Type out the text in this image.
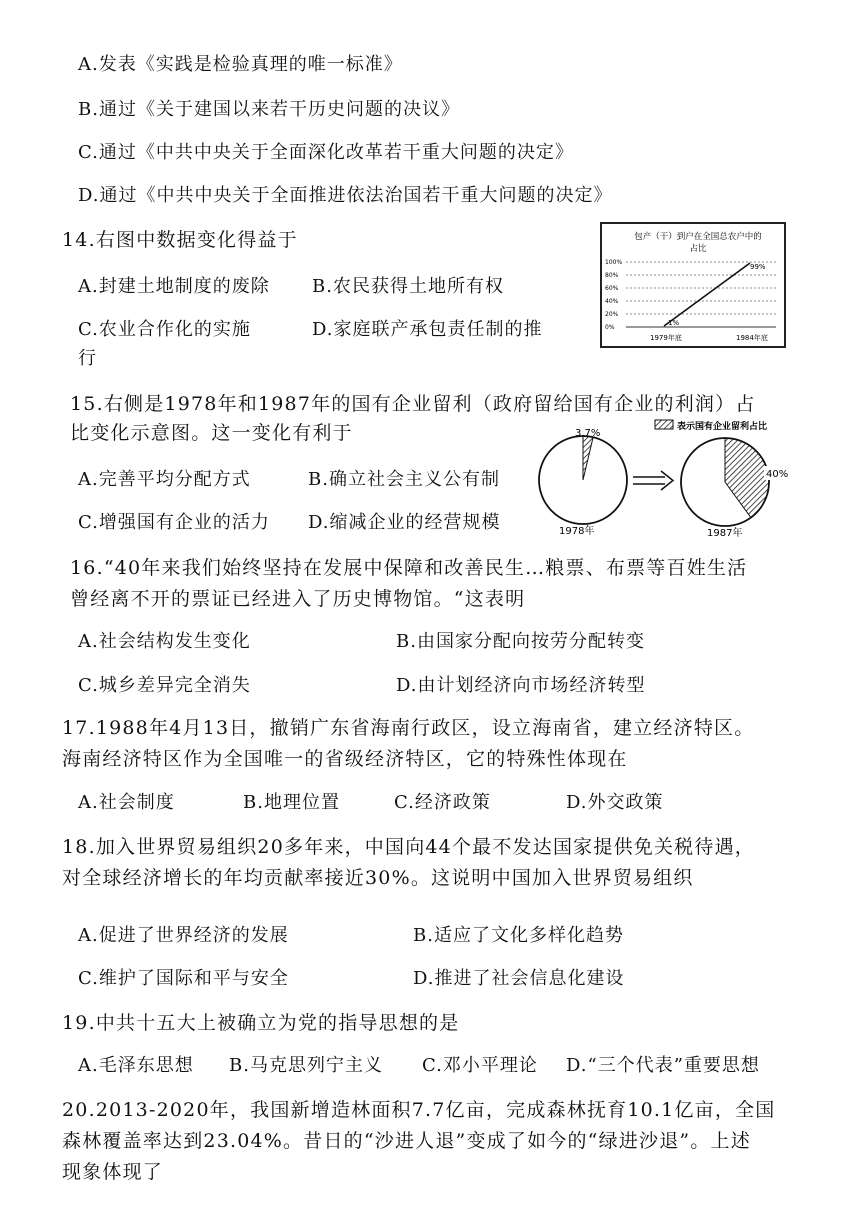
A.发表《实践是检验真理的唯一标准》
B.通过《关于建国以来若干历史问题的决议》
C.通过《中共中央关于全面深化改革若干重大问题的决定》
D.通过《中共中央关于全面推进依法治国若干重大问题的决定》
14.右图中数据变化得益于
A.封建土地制度的废除 B.农民获得土地所有权
C.农业合作化的实施	D.家庭联产承包责任制的推
行
包产（干）到户在全国总农户中的
占比
100%
80%
60%
40%
20%
0%
1%
99%
1979年底	1984年底
15.右侧是1978年和1987年的国有企业留利（政府留给国有企业的利润）占
比变化示意图。这一变化有利于
A.完善平均分配方式	B.确立社会主义公有制
C.增强国有企业的活力 D.缩减企业的经营规模
表示国有企业留利占比
3.7%
1978年
40%
1987年
16.“40年来我们始终坚持在发展中保障和改善民生…粮票、布票等百姓生活
曾经离不开的票证已经进入了历史博物馆。“这表明
A.社会结构发生变化	B.由国家分配向按劳分配转变
C.城乡差异完全消失	D.由计划经济向市场经济转型
17.1988年4月13日，撤销广东省海南行政区，设立海南省，建立经济特区。
海南经济特区作为全国唯一的省级经济特区，它的特殊性体现在
A.社会制度	B.地理位置	C.经济政策	D.外交政策
18.加入世界贸易组织20多年来，中国向44个最不发达国家提供免关税待遇，
对全球经济增长的年均贡献率接近30%。这说明中国加入世界贸易组织
A.促进了世界经济的发展	B.适应了文化多样化趋势
C.维护了国际和平与安全	D.推进了社会信息化建设
19.中共十五大上被确立为党的指导思想的是
A.毛泽东思想 B.马克思列宁主义 C.邓小平理论 D.“三个代表”重要思想
20.2013-2020年，我国新增造林面积7.7亿亩，完成森林抚育10.1亿亩，全国
森林覆盖率达到23.04%。昔日的“沙进人退”变成了如今的“绿进沙退”。上述
现象体现了
